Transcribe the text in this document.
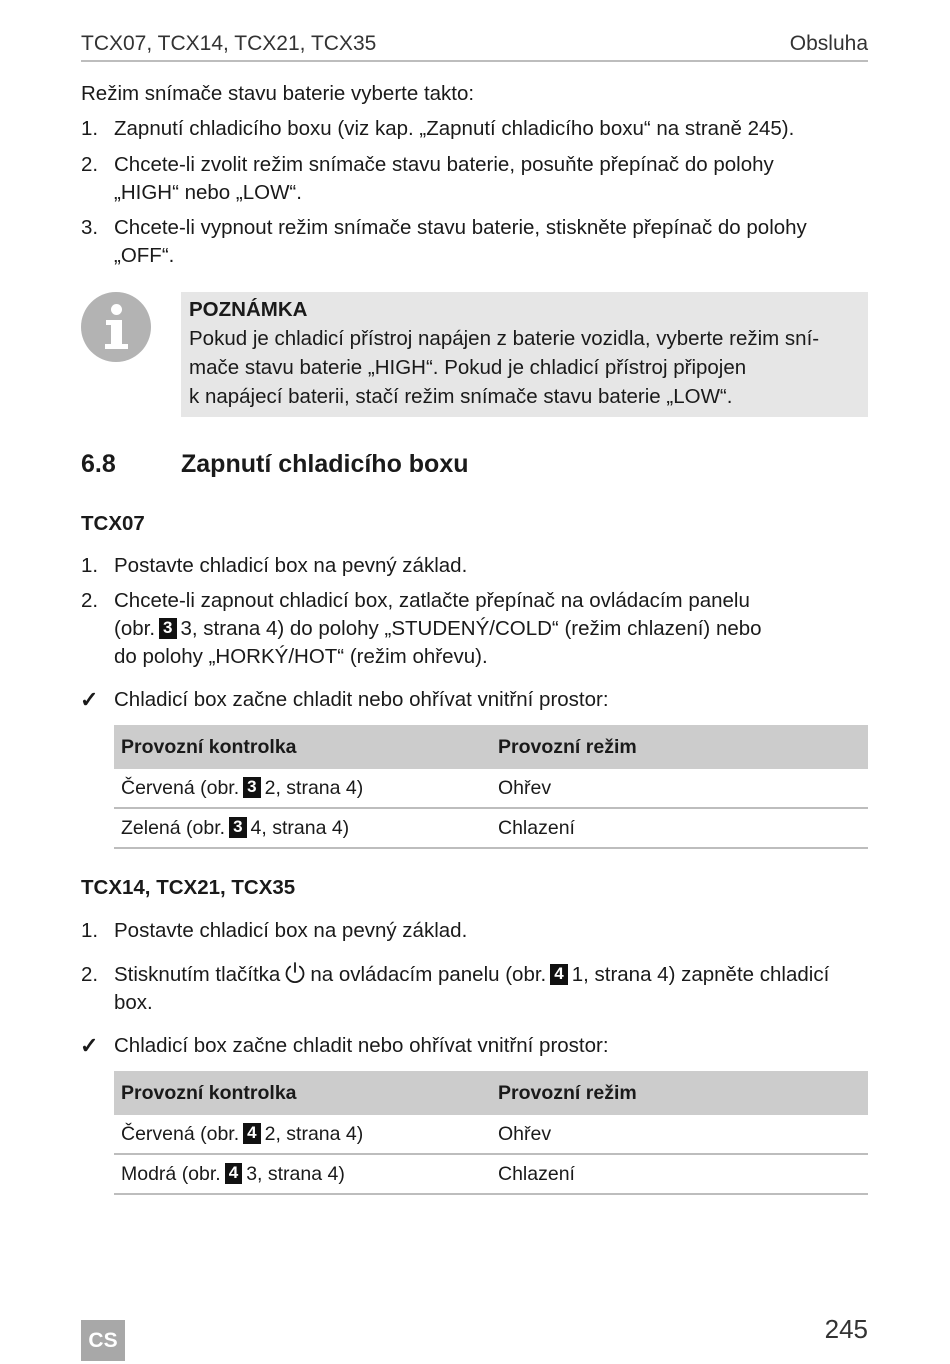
TCX07, TCX14, TCX21, TCX35	Obsluha
Režim snímače stavu baterie vyberte takto:
1. Zapnutí chladicího boxu (viz kap. „Zapnutí chladicího boxu“ na straně 245).
2. Chcete-li zvolit režim snímače stavu baterie, posuňte přepínač do polohy
„HIGH“ nebo „LOW“.
3. Chcete-li vypnout režim snímače stavu baterie, stiskněte přepínač do polohy
„OFF“.
POZNÁMKA
Pokud je chladicí přístroj napájen z baterie vozidla, vyberte režim sní-
mače stavu baterie „HIGH“. Pokud je chladicí přístroj připojen
k napájecí baterii, stačí režim snímače stavu baterie „LOW“.
6.8	Zapnutí chladicího boxu
TCX07
1. Postavte chladicí box na pevný základ.
2. Chcete-li zapnout chladicí box, zatlačte přepínač na ovládacím panelu
(obr. 3 3, strana 4) do polohy „STUDENÝ/COLD“ (režim chlazení) nebo
do polohy „HORKÝ/HOT“ (režim ohřevu).
✓ Chladicí box začne chladit nebo ohřívat vnitřní prostor:
Provozní kontrolka	Provozní režim
Červená (obr. 3 2, strana 4)	Ohřev
Zelená (obr. 3 4, strana 4)	Chlazení
TCX14, TCX21, TCX35
1. Postavte chladicí box na pevný základ.
2. Stisknutím tlačítka na ovládacím panelu (obr. 4 1, strana 4) zapněte chladicí
box.
✓ Chladicí box začne chladit nebo ohřívat vnitřní prostor:
Provozní kontrolka	Provozní režim
Červená (obr. 4 2, strana 4)	Ohřev
Modrá (obr. 4 3, strana 4)	Chlazení
CS	245
